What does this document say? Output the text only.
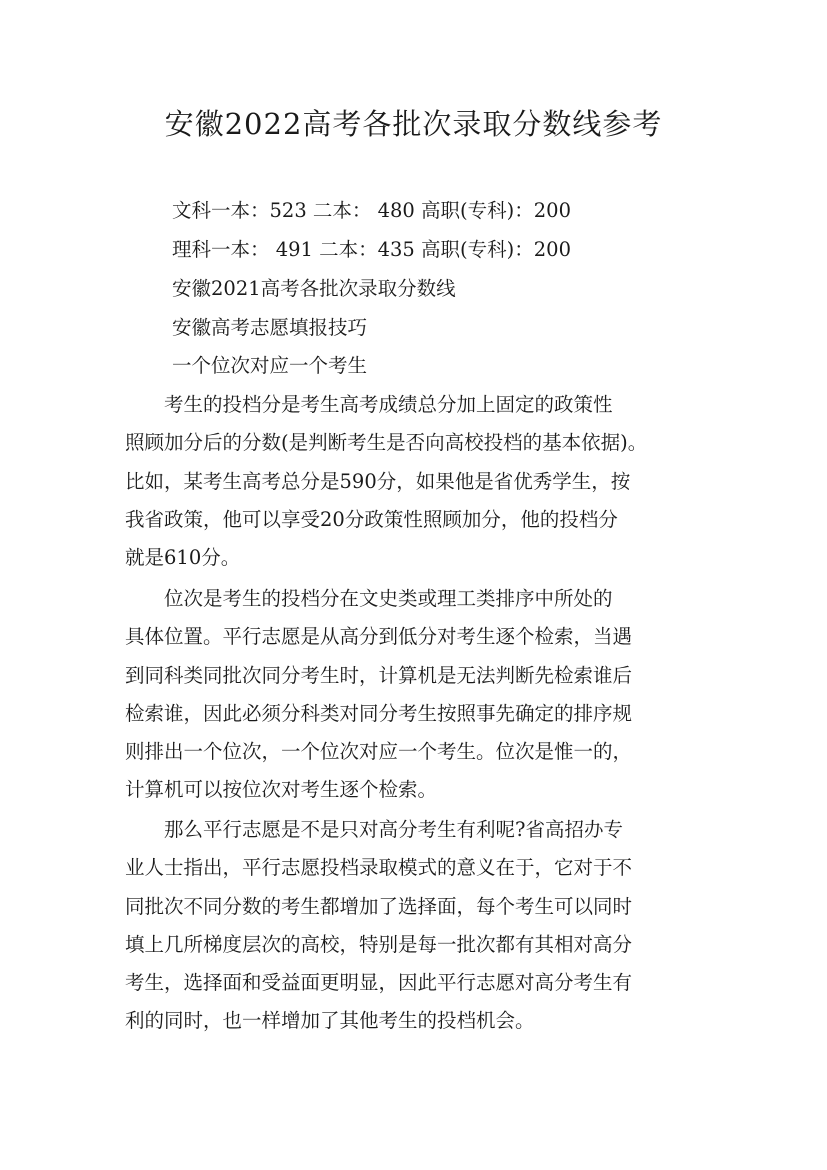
安徽2022高考各批次录取分数线参考

文科一本：523 二本： 480 高职(专科)：200

理科一本： 491 二本：435 高职(专科)：200

安徽2021高考各批次录取分数线

安徽高考志愿填报技巧

一个位次对应一个考生

　　考生的投档分是考生高考成绩总分加上固定的政策性
照顾加分后的分数(是判断考生是否向高校投档的基本依据)。
比如，某考生高考总分是590分，如果他是省优秀学生，按
我省政策，他可以享受20分政策性照顾加分，他的投档分
就是610分。
　　位次是考生的投档分在文史类或理工类排序中所处的
具体位置。平行志愿是从高分到低分对考生逐个检索，当遇
到同科类同批次同分考生时，计算机是无法判断先检索谁后
检索谁，因此必须分科类对同分考生按照事先确定的排序规
则排出一个位次，一个位次对应一个考生。位次是惟一的，
计算机可以按位次对考生逐个检索。
　　那么平行志愿是不是只对高分考生有利呢?省高招办专
业人士指出，平行志愿投档录取模式的意义在于，它对于不
同批次不同分数的考生都增加了选择面，每个考生可以同时
填上几所梯度层次的高校，特别是每一批次都有其相对高分
考生，选择面和受益面更明显，因此平行志愿对高分考生有
利的同时，也一样增加了其他考生的投档机会。
